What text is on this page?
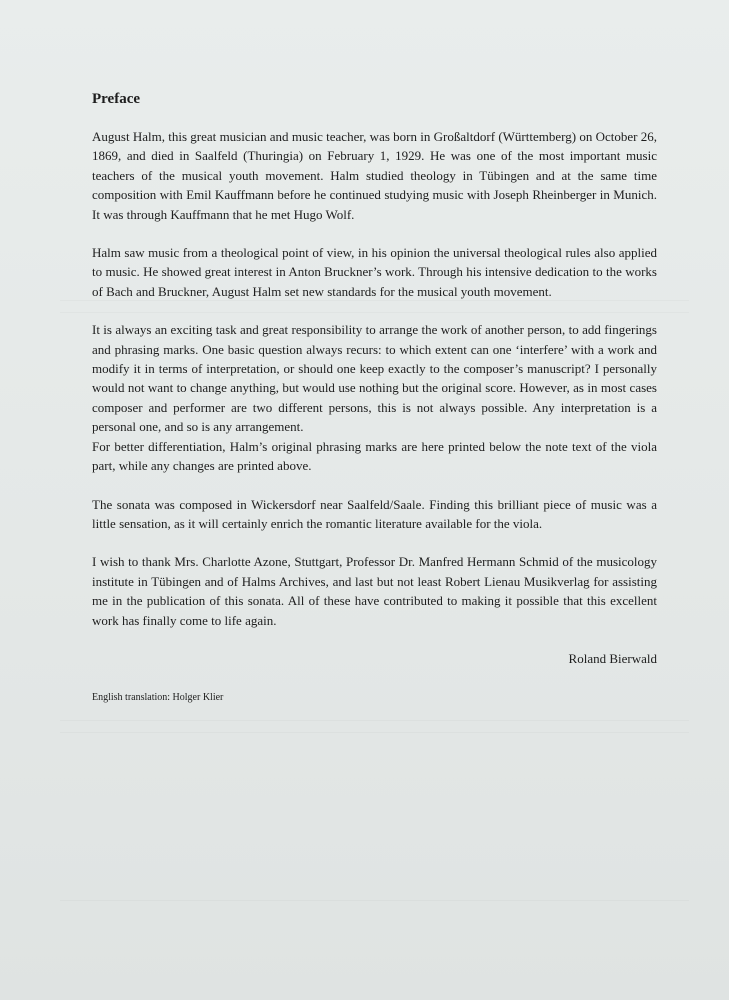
Preface

August Halm, this great musician and music teacher, was born in Großaltdorf (Württemberg) on October 26, 1869, and died in Saalfeld (Thuringia) on February 1, 1929. He was one of the most important music teachers of the musical youth movement. Halm studied theology in Tübingen and at the same time composition with Emil Kauffmann before he continued studying music with Joseph Rheinberger in Munich. It was through Kauffmann that he met Hugo Wolf.

Halm saw music from a theological point of view, in his opinion the universal theological rules also applied to music. He showed great interest in Anton Bruckner’s work. Through his intensive dedication to the works of Bach and Bruckner, August Halm set new standards for the musical youth movement.

It is always an exciting task and great responsibility to arrange the work of another person, to add fingerings and phrasing marks. One basic question always recurs: to which extent can one ‘interfere’ with a work and modify it in terms of interpretation, or should one keep exactly to the composer’s manuscript? I personally would not want to change anything, but would use nothing but the original score. However, as in most cases composer and performer are two different persons, this is not always possible. Any interpretation is a personal one, and so is any arrangement.

For better differentiation, Halm’s original phrasing marks are here printed below the note text of the viola part, while any changes are printed above.

The sonata was composed in Wickersdorf near Saalfeld/Saale. Finding this brilliant piece of music was a little sensation, as it will certainly enrich the romantic literature available for the viola.

I wish to thank Mrs. Charlotte Azone, Stuttgart, Professor Dr. Manfred Hermann Schmid of the musicology institute in Tübingen and of Halms Archives, and last but not least Robert Lienau Musikverlag for assisting me in the publication of this sonata. All of these have contributed to making it possible that this excellent work has finally come to life again.

Roland Bierwald

English translation: Holger Klier
